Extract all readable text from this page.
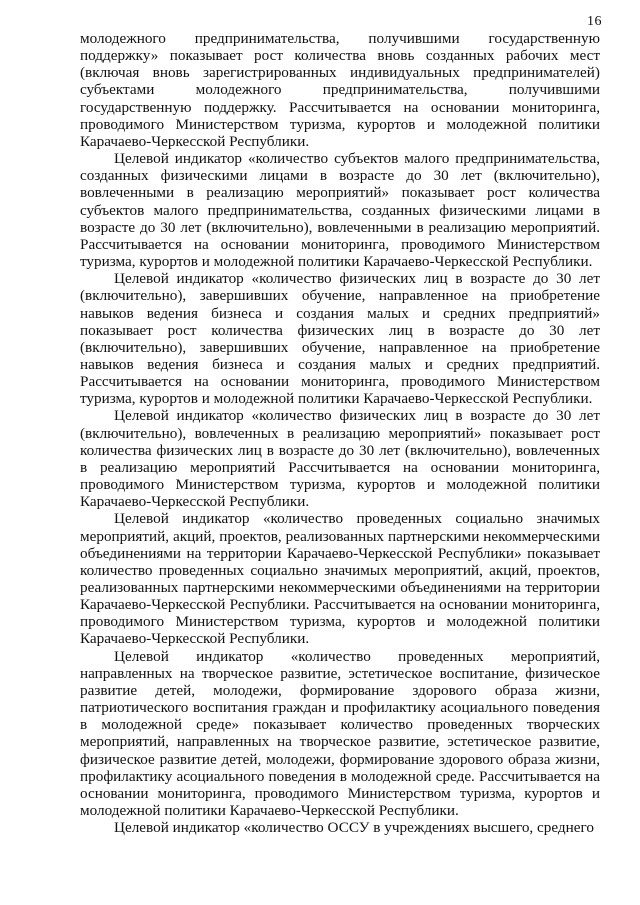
16

молодежного предпринимательства, получившими государственную поддержку» показывает рост количества вновь созданных рабочих мест (включая вновь зарегистрированных индивидуальных предпринимателей) субъектами молодежного предпринимательства, получившими государственную поддержку. Рассчитывается на основании мониторинга, проводимого Министерством туризма, курортов и молодежной политики Карачаево-Черкесской Республики.

Целевой индикатор «количество субъектов малого предпринимательства, созданных физическими лицами в возрасте до 30 лет (включительно), вовлеченными в реализацию мероприятий» показывает рост количества субъектов малого предпринимательства, созданных физическими лицами в возрасте до 30 лет (включительно), вовлеченными в реализацию мероприятий. Рассчитывается на основании мониторинга, проводимого Министерством туризма, курортов и молодежной политики Карачаево-Черкесской Республики.

Целевой индикатор «количество физических лиц в возрасте до 30 лет (включительно), завершивших обучение, направленное на приобретение навыков ведения бизнеса и создания малых и средних предприятий» показывает рост количества физических лиц в возрасте до 30 лет (включительно), завершивших обучение, направленное на приобретение навыков ведения бизнеса и создания малых и средних предприятий. Рассчитывается на основании мониторинга, проводимого Министерством туризма, курортов и молодежной политики Карачаево-Черкесской Республики.

Целевой индикатор «количество физических лиц в возрасте до 30 лет (включительно), вовлеченных в реализацию мероприятий» показывает рост количества физических лиц в возрасте до 30 лет (включительно), вовлеченных в реализацию мероприятий Рассчитывается на основании мониторинга, проводимого Министерством туризма, курортов и молодежной политики Карачаево-Черкесской Республики.

Целевой индикатор «количество проведенных социально значимых мероприятий, акций, проектов, реализованных партнерскими некоммерческими объединениями на территории Карачаево-Черкесской Республики» показывает количество проведенных социально значимых мероприятий, акций, проектов, реализованных партнерскими некоммерческими объединениями на территории Карачаево-Черкесской Республики. Рассчитывается на основании мониторинга, проводимого Министерством туризма, курортов и молодежной политики Карачаево-Черкесской Республики.

Целевой индикатор «количество проведенных мероприятий, направленных на творческое развитие, эстетическое воспитание, физическое развитие детей, молодежи, формирование здорового образа жизни, патриотического воспитания граждан и профилактику асоциального поведения в молодежной среде» показывает количество проведенных творческих мероприятий, направленных на творческое развитие, эстетическое развитие, физическое развитие детей, молодежи, формирование здорового образа жизни, профилактику асоциального поведения в молодежной среде. Рассчитывается на основании мониторинга, проводимого Министерством туризма, курортов и молодежной политики Карачаево-Черкесской Республики.

Целевой индикатор «количество ОССУ в учреждениях высшего, среднего
